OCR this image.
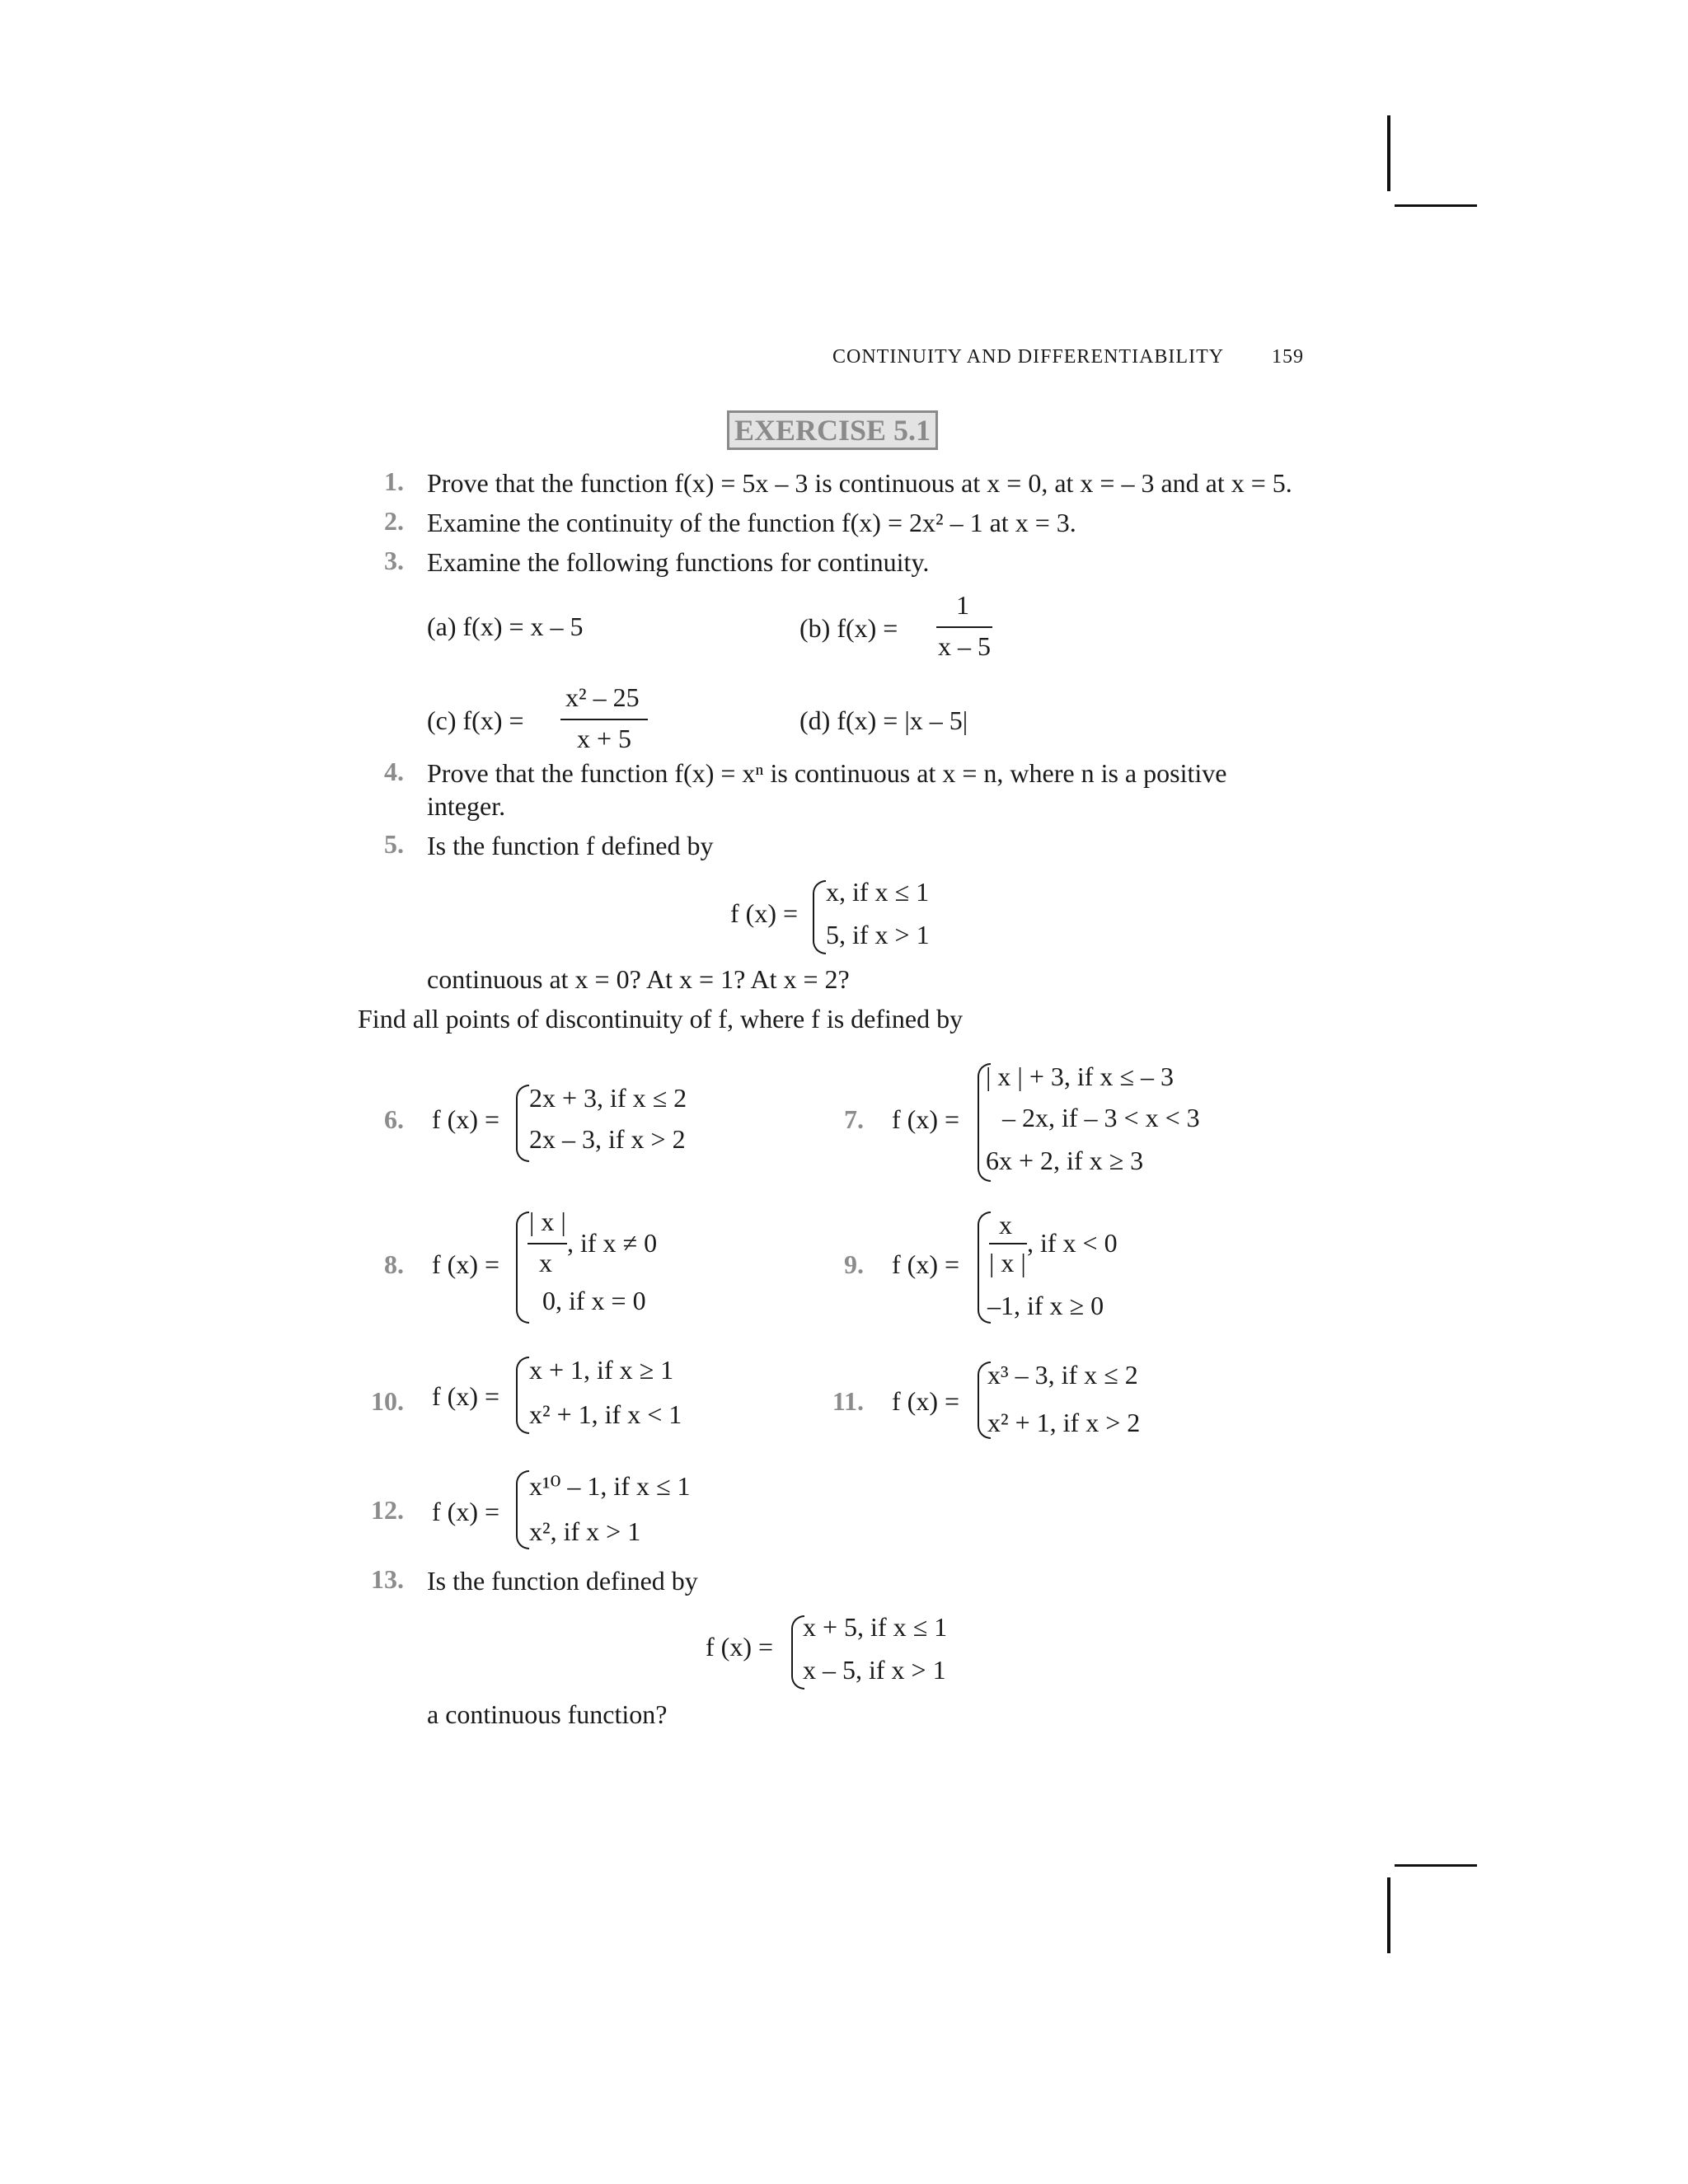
CONTINUITY AND DIFFERENTIABILITY 159
EXERCISE 5.1
1. Prove that the function f(x) = 5x – 3 is continuous at x = 0, at x = – 3 and at x = 5.
2. Examine the continuity of the function f(x) = 2x² – 1 at x = 3.
3. Examine the following functions for continuity.
(a) f(x) = x – 5	(b) f(x) =
1
x – 5
(c) f(x) =
x² – 25
x + 5
(d) f(x) = |x – 5|
4. Prove that the function f(x) = xⁿ is continuous at x = n, where n is a positive
integer.
5. Is the function f defined by
f (x) =
x, if x ≤ 1
5, if x > 1
continuous at x = 0? At x = 1? At x = 2?
Find all points of discontinuity of f, where f is defined by
6. f (x) =
2x + 3, if x ≤ 2
2x – 3, if x > 2
7. f (x) =
| x | + 3, if x ≤ – 3
– 2x, if – 3 < x < 3
6x + 2, if x ≥ 3
8. f (x) =
| x |
x
, if x ≠ 0
0, if x = 0
9. f (x) =
x
| x |
, if x < 0
–1, if x ≥ 0
10. f (x) =
x + 1, if x ≥ 1
x² + 1, if x < 1	11. f (x) =
x³ – 3, if x ≤ 2
x² + 1, if x > 2
12. f (x) =
x¹⁰ – 1, if x ≤ 1
x², if x > 1
13. Is the function defined by
f (x) =
x + 5, if x ≤ 1
x – 5, if x > 1
a continuous function?
